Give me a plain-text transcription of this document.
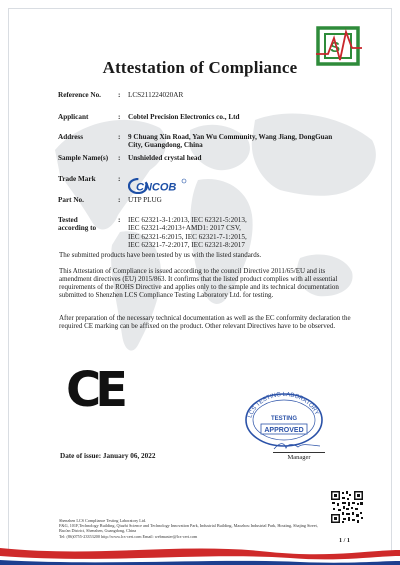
S
Attestation of Compliance
Reference No.	:	LCS211224020AR
Applicant	:	Cobtel Precision Electronics co., Ltd
Address	:	9 Chuang Xin Road, Yan Wu Community, Wang Jiang, DongGuan
City, Guangdong, China
Sample Name(s)	:	Unshielded crystal head
Trade Mark	:
CNCOB
Part No.	:	UTP PLUG
Tested according to
:	IEC 62321-3-1:2013, IEC 62321-5:2013,
IEC 62321-4:2013+AMD1: 2017 CSV,
IEC 62321-6:2015, IEC 62321-7-1:2015,
IEC 62321-7-2:2017, IEC 62321-8:2017
The submitted products have been tested by us with the listed standards.
This Attestation of Compliance is issued according to the council Directive 2011/65/EU and its amendment directives (EU) 2015/863. It confirms that the listed product complies with all essential requirements of the ROHS Directive and applies only to the sample and its technical documentation submitted to Shenzhen LCS Compliance Testing Laboratory Ltd. for testing.
After preparation of the necessary technical documentation as well as the EC conformity declaration the required CE marking can be affixed on the product. Other relevant Directives have to be observed.
CE	LCS TESTING LABORATORY
TESTING
APPROVED
Manager
Date of issue: January 06, 2022
Shenzhen LCS Compliance Testing Laboratory Ltd.
F&G, 101F,Technology Building, Qiuzhi Science and Technology Innovation Park, Industrial Building, Maozhou Industrial Park, Houting, Shajing Street, Bao'an District, Shenzhen, Guangdong, China
Tel: (86)0755-23353200 http://www.lcs-cert.com Email: webmaster@lcs-cert.com
1 / 1
